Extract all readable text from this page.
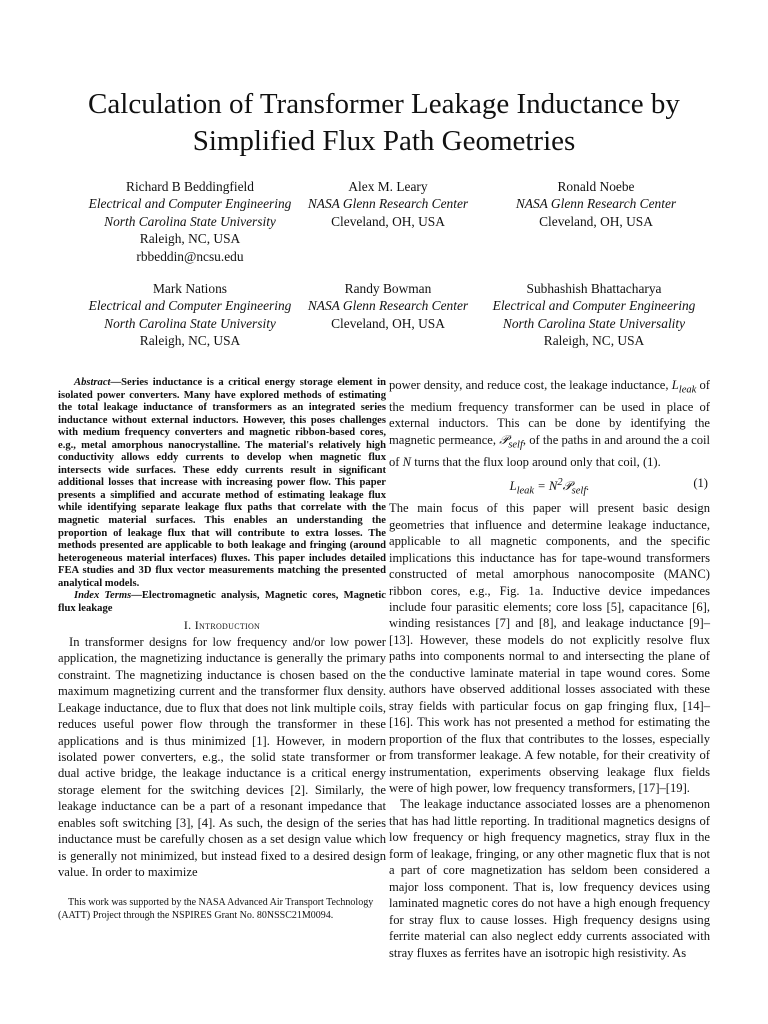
Calculation of Transformer Leakage Inductance by
Simplified Flux Path Geometries
Richard B Beddingfield
Electrical and Computer Engineering
North Carolina State University
Raleigh, NC, USA
rbbeddin@ncsu.edu
Alex M. Leary
NASA Glenn Research Center
Cleveland, OH, USA
Ronald Noebe
NASA Glenn Research Center
Cleveland, OH, USA
Mark Nations
Electrical and Computer Engineering
North Carolina State University
Raleigh, NC, USA
Randy Bowman
NASA Glenn Research Center
Cleveland, OH, USA
Subhashish Bhattacharya
Electrical and Computer Engineering
North Carolina State Universality
Raleigh, NC, USA

Abstract—Series inductance is a critical energy storage element in isolated power converters. Many have explored methods of estimating the total leakage inductance of transformers as an integrated series inductance without external inductors. However, this poses challenges with medium frequency converters and magnetic ribbon-based cores, e.g., metal amorphous nanocrystalline. The material's relatively high conductivity allows eddy currents to develop when magnetic flux intersects wide surfaces. These eddy currents result in significant additional losses that increase with increasing power flow. This paper presents a simplified and accurate method of estimating leakage flux while identifying separate leakage flux paths that correlate with the magnetic material surfaces. This enables an understanding the proportion of leakage flux that will contribute to extra losses. The methods presented are applicable to both leakage and fringing (around heterogeneous material interfaces) fluxes. This paper includes detailed FEA studies and 3D flux vector measurements matching the presented analytical models.

Index Terms—Electromagnetic analysis, Magnetic cores, Magnetic flux leakage

I. Introduction

In transformer designs for low frequency and/or low power application, the magnetizing inductance is generally the primary constraint. The magnetizing inductance is chosen based on the maximum magnetizing current and the transformer flux density. Leakage inductance, due to flux that does not link multiple coils, reduces useful power flow through the transformer in these applications and is thus minimized [1]. However, in modern isolated power converters, e.g., the solid state transformer or dual active bridge, the leakage inductance is a critical energy storage element for the switching devices [2]. Similarly, the leakage inductance can be a part of a resonant impedance that enables soft switching [3], [4]. As such, the design of the series inductance must be carefully chosen as a set design value which is generally not minimized, but instead fixed to a desired design value. In order to maximize

power density, and reduce cost, the leakage inductance, $L_{leak}$ of the medium frequency transformer can be used in place of external inductors. This can be done by identifying the magnetic permeance, 𝒫$_{self}$, of the paths in and around the a coil of N turns that the flux loop around only that coil, (1).

$L_{leak}$ = $N^2𝒫_{self}$.	(1)

The main focus of this paper will present basic design geometries that influence and determine leakage inductance, applicable to all magnetic components, and the specific implications this inductance has for tape-wound transformers constructed of metal amorphous nanocomposite (MANC) ribbon cores, e.g., Fig. 1a. Inductive device impedances include four parasitic elements; core loss [5], capacitance [6], winding resistances [7] and [8], and leakage inductance [9]–[13]. However, these models do not explicitly resolve flux paths into components normal to and intersecting the plane of the conductive laminate material in tape wound cores. Some authors have observed additional losses associated with these stray fields with particular focus on gap fringing flux, [14]–[16]. This work has not presented a method for estimating the proportion of the flux that contributes to the losses, especially from transformer leakage. A few notable, for their creativity of instrumentation, experiments observing leakage flux fields were of high power, low frequency transformers, [17]–[19].

The leakage inductance associated losses are a phenomenon that has had little reporting. In traditional magnetics designs of low frequency or high frequency magnetics, stray flux in the form of leakage, fringing, or any other magnetic flux that is not a part of core magnetization has seldom been considered a major loss component. That is, low frequency devices using laminated magnetic cores do not have a high enough frequency for stray flux to cause losses. High frequency designs using ferrite material can also neglect eddy currents associated with stray fluxes as ferrites have an isotropic high resistivity. As

This work was supported by the NASA Advanced Air Transport Technology (AATT) Project through the NSPIRES Grant No. 80NSSC21M0094.
